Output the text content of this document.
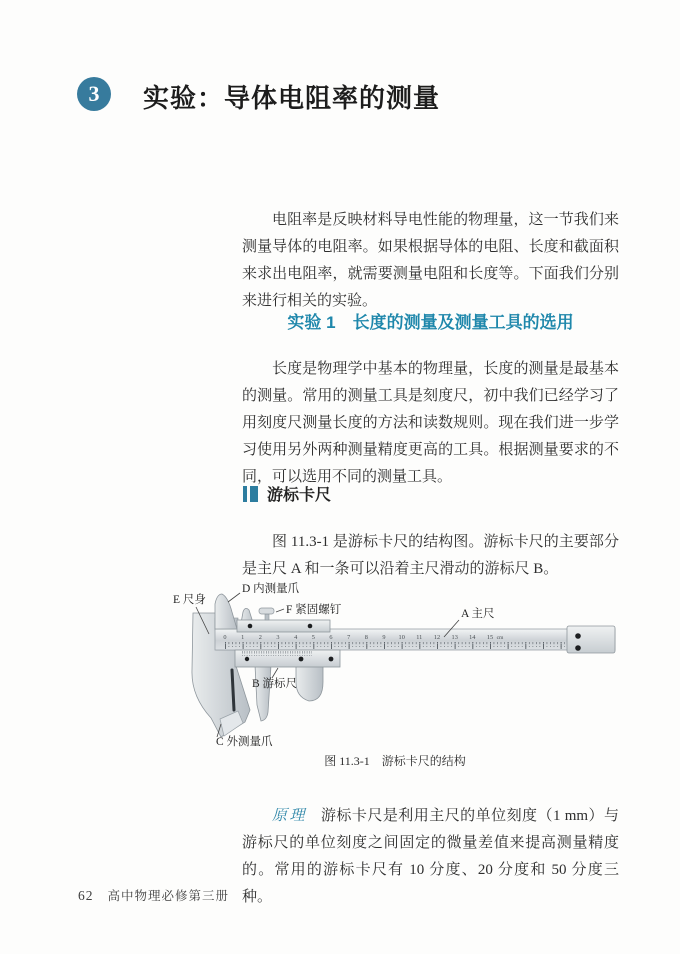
3	实验：导体电阻率的测量

电阻率是反映材料导电性能的物理量，这一节我们来测量导体的电阻率。如果根据导体的电阻、长度和截面积来求出电阻率，就需要测量电阻和长度等。下面我们分别来进行相关的实验。

实验 1　长度的测量及测量工具的选用

长度是物理学中基本的物理量，长度的测量是最基本的测量。常用的测量工具是刻度尺，初中我们已经学习了用刻度尺测量长度的方法和读数规则。现在我们进一步学习使用另外两种测量精度更高的工具。根据测量要求的不同，可以选用不同的测量工具。

游标卡尺

图 11.3-1 是游标卡尺的结构图。游标卡尺的主要部分是主尺 A 和一条可以沿着主尺滑动的游标尺 B。

0 1 2 3 4 5 6 7 8 9 10 11 12 13 14 15 cm
E 尺身
D 内测量爪
F 紧固螺钉	A 主尺
B 游标尺
C 外测量爪
图 11.3-1　游标卡尺的结构

原理 游标卡尺是利用主尺的单位刻度（1 mm）与游标尺的单位刻度之间固定的微量差值来提高测量精度的。常用的游标卡尺有 10 分度、20 分度和 50 分度三种。

62 高中物理必修第三册
